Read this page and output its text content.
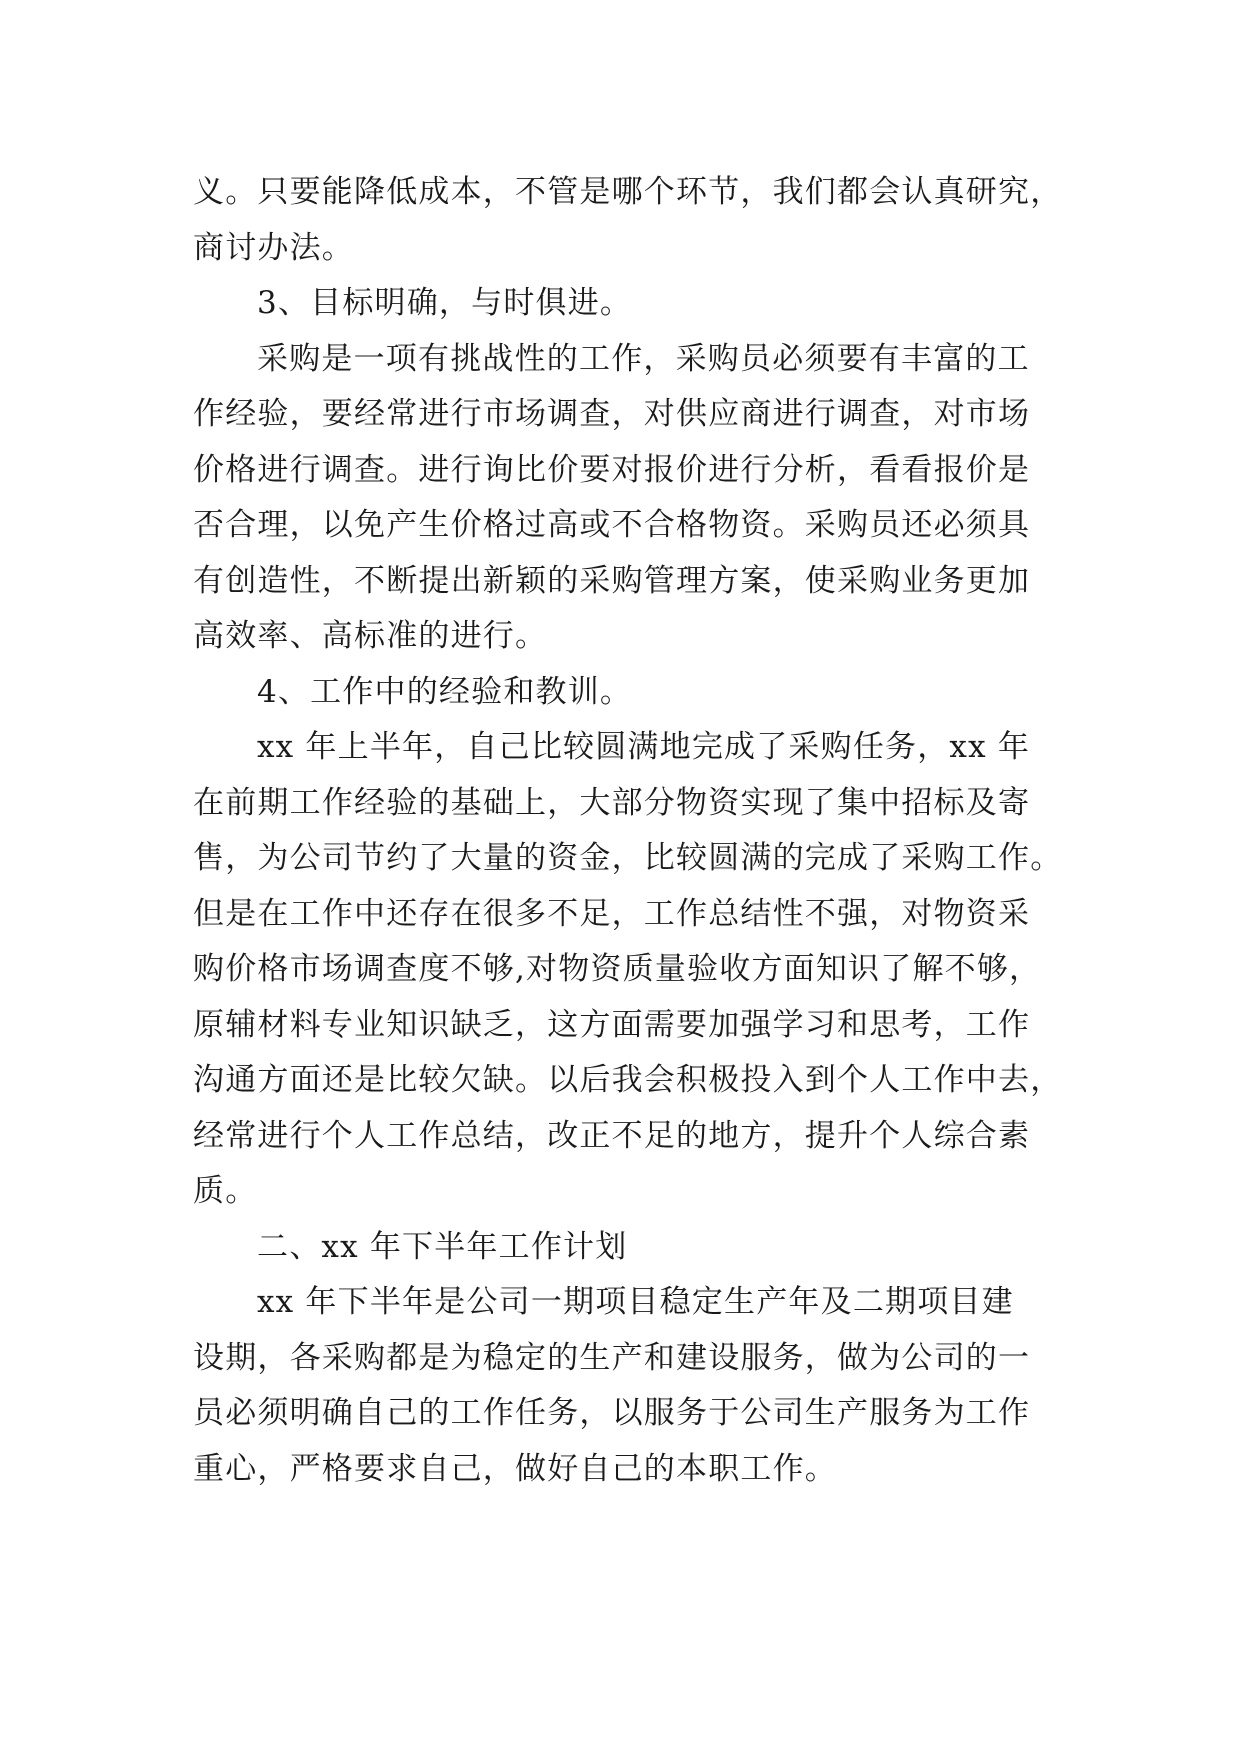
义。只要能降低成本，不管是哪个环节，我们都会认真研究，
商讨办法。
3、目标明确，与时俱进。
采购是一项有挑战性的工作，采购员必须要有丰富的工
作经验，要经常进行市场调查，对供应商进行调查，对市场
价格进行调查。进行询比价要对报价进行分析，看看报价是
否合理，以免产生价格过高或不合格物资。采购员还必须具
有创造性，不断提出新颖的采购管理方案，使采购业务更加
高效率、高标准的进行。
4、工作中的经验和教训。
xx 年上半年，自己比较圆满地完成了采购任务，xx 年
在前期工作经验的基础上，大部分物资实现了集中招标及寄
售，为公司节约了大量的资金，比较圆满的完成了采购工作。
但是在工作中还存在很多不足，工作总结性不强，对物资采
购价格市场调查度不够,对物资质量验收方面知识了解不够，
原辅材料专业知识缺乏，这方面需要加强学习和思考，工作
沟通方面还是比较欠缺。以后我会积极投入到个人工作中去，
经常进行个人工作总结，改正不足的地方，提升个人综合素
质。
二、xx 年下半年工作计划
xx 年下半年是公司一期项目稳定生产年及二期项目建
设期，各采购都是为稳定的生产和建设服务，做为公司的一
员必须明确自己的工作任务，以服务于公司生产服务为工作
重心，严格要求自己，做好自己的本职工作。
